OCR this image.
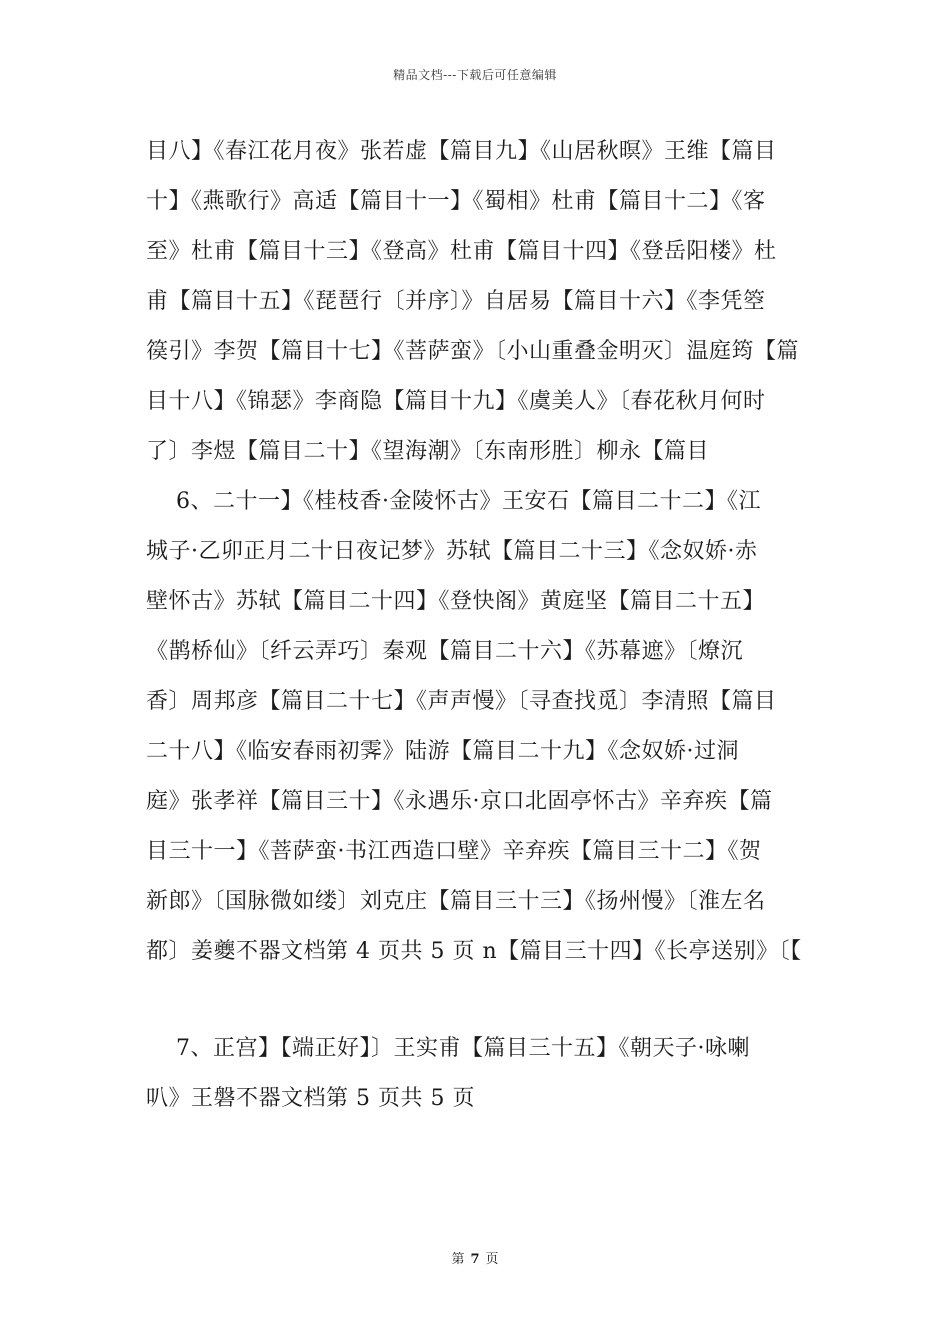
精品文档---下载后可任意编辑
目八】《春江花月夜》张若虚【篇目九】《山居秋暝》王维【篇目
十】《燕歌行》高适【篇目十一】《蜀相》杜甫【篇目十二】《客
至》杜甫【篇目十三】《登高》杜甫【篇目十四】《登岳阳楼》杜
甫【篇目十五】《琵琶行〔并序〕》自居易【篇目十六】《李凭箜
篌引》李贺【篇目十七】《菩萨蛮》〔小山重叠金明灭〕温庭筠【篇
目十八】《锦瑟》李商隐【篇目十九】《虞美人》〔春花秋月何时
了〕李煜【篇目二十】《望海潮》〔东南形胜〕柳永【篇目
6、二十一】《桂枝香·金陵怀古》王安石【篇目二十二】《江
城子·乙卯正月二十日夜记梦》苏轼【篇目二十三】《念奴娇·赤
壁怀古》苏轼【篇目二十四】《登快阁》黄庭坚【篇目二十五】
《鹊桥仙》〔纤云弄巧〕秦观【篇目二十六】《苏幕遮》〔燎沉
香〕周邦彦【篇目二十七】《声声慢》〔寻查找觅〕李清照【篇目
二十八】《临安春雨初霁》陆游【篇目二十九】《念奴娇·过洞
庭》张孝祥【篇目三十】《永遇乐·京口北固亭怀古》辛弃疾【篇
目三十一】《菩萨蛮·书江西造口壁》辛弃疾【篇目三十二】《贺
新郎》〔国脉微如缕〕刘克庄【篇目三十三】《扬州慢》〔淮左名
都〕姜夔不器文档第 4 页共 5 页 n【篇目三十四】《长亭送别》〔【
7、正宫】【端正好】〕王实甫【篇目三十五】《朝天子·咏喇
叭》王磐不器文档第 5 页共 5 页
第 7 页
